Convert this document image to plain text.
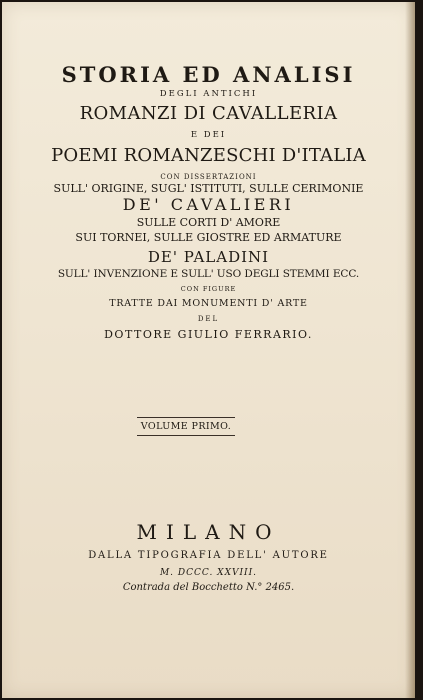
STORIA ED ANALISI
DEGLI ANTICHI
ROMANZI DI CAVALLERIA
E DEI
POEMI ROMANZESCHI D'ITALIA
CON DISSERTAZIONI
SULL' ORIGINE, SUGL' ISTITUTI, SULLE CERIMONIE
DE' CAVALIERI
SULLE CORTI D' AMORE
SUI TORNEI, SULLE GIOSTRE ED ARMATURE
DE' PALADINI
SULL' INVENZIONE E SULL' USO DEGLI STEMMI ECC.
CON FIGURE
TRATTE DAI MONUMENTI D' ARTE
DEL
DOTTORE GIULIO FERRARIO.
VOLUME PRIMO.
MILANO
DALLA TIPOGRAFIA DELL' AUTORE
M. DCCC. XXVIII.
Contrada del Bocchetto N.° 2465.
